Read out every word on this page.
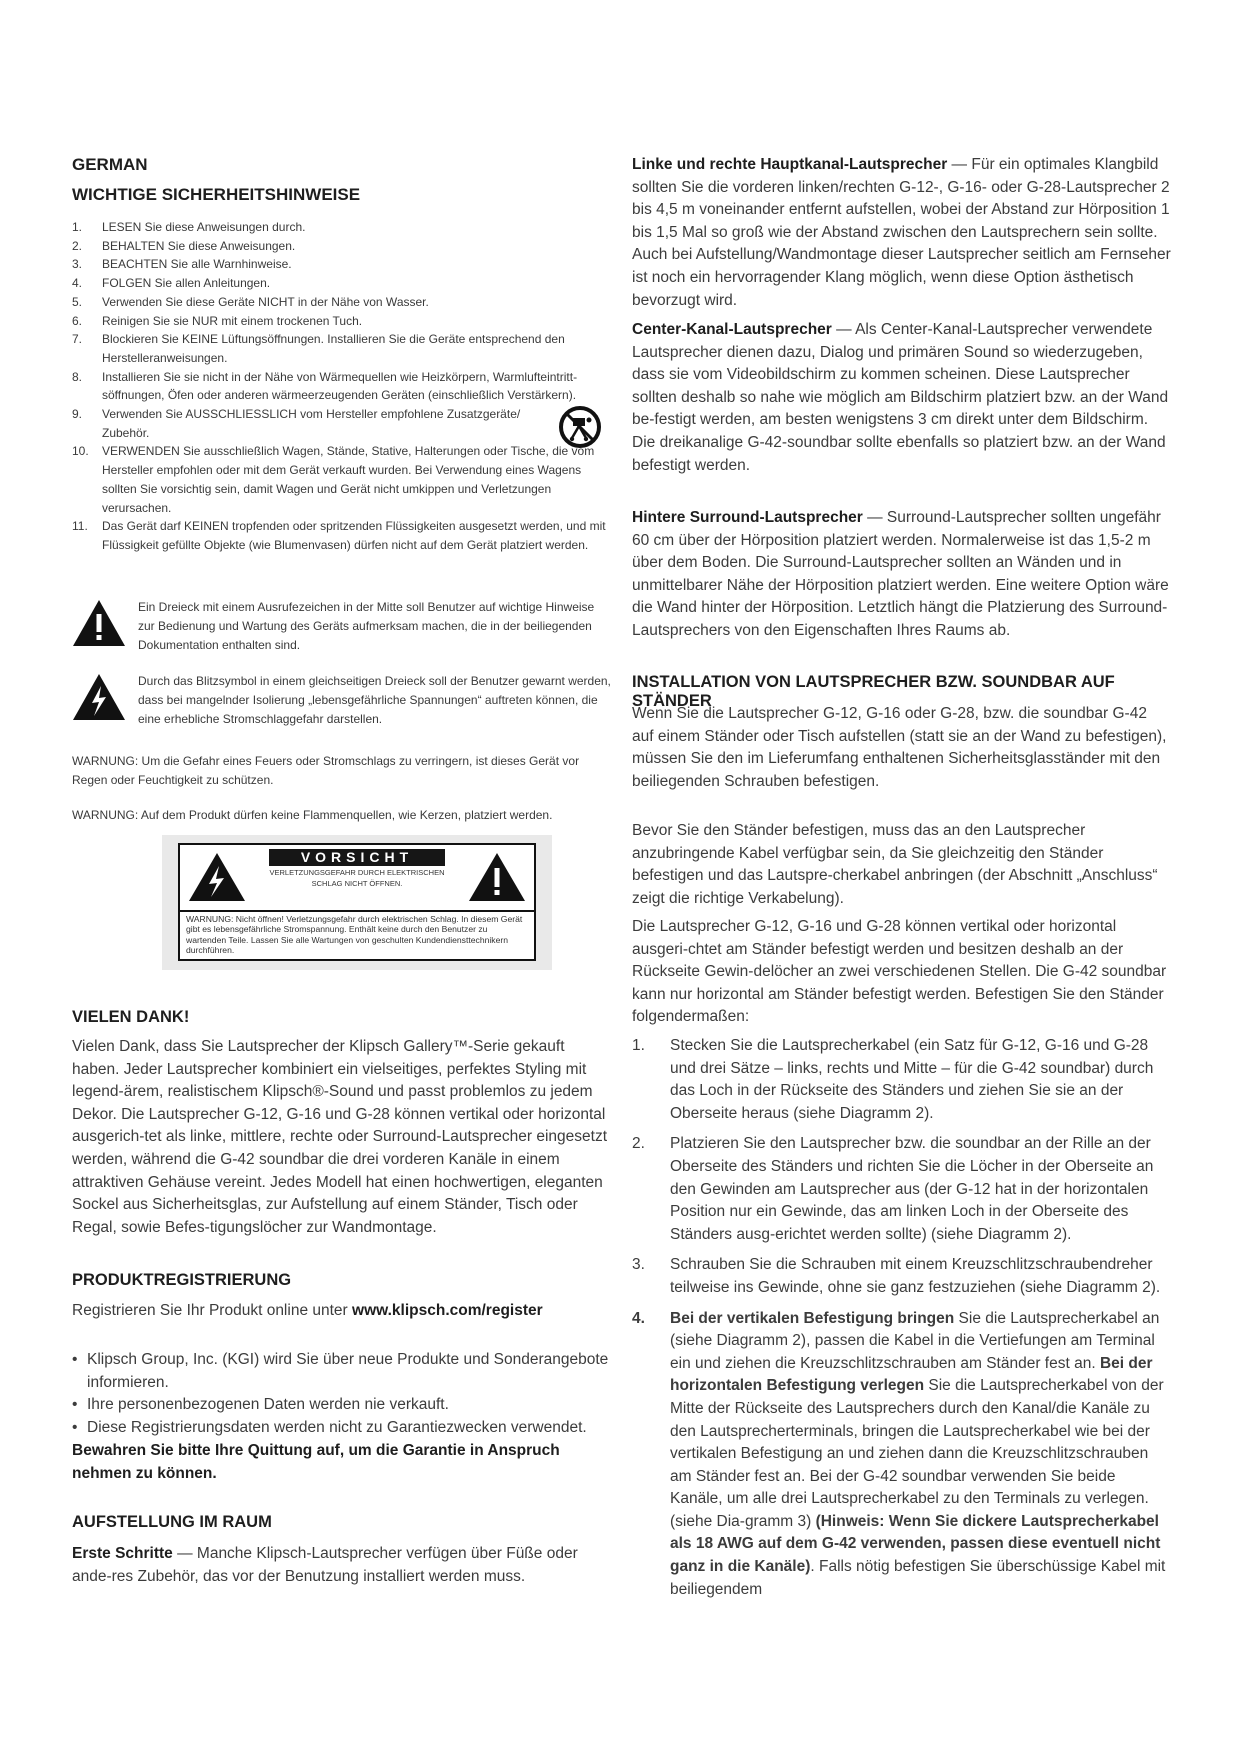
GERMAN
WICHTIGE SICHERHEITSHINWEISE
1. LESEN Sie diese Anweisungen durch.
2. BEHALTEN Sie diese Anweisungen.
3. BEACHTEN Sie alle Warnhinweise.
4. FOLGEN Sie allen Anleitungen.
5. Verwenden Sie diese Geräte NICHT in der Nähe von Wasser.
6. Reinigen Sie sie NUR mit einem trockenen Tuch.
7. Blockieren Sie KEINE Lüftungsöffnungen. Installieren Sie die Geräte entsprechend den Herstelleranweisungen.
8. Installieren Sie sie nicht in der Nähe von Wärmequellen wie Heizkörpern, Warmlufteintritt-söffnungen, Öfen oder anderen wärmeerzeugenden Geräten (einschließlich Verstärkern).
9. Verwenden Sie AUSSCHLIESSLICH vom Hersteller empfohlene Zusatzgeräte/ Zubehör.
10. VERWENDEN Sie ausschließlich Wagen, Stände, Stative, Halterungen oder Tische, die vom Hersteller empfohlen oder mit dem Gerät verkauft wurden. Bei Verwendung eines Wagens sollten Sie vorsichtig sein, damit Wagen und Gerät nicht umkippen und Verletzungen verursachen.
11. Das Gerät darf KEINEN tropfenden oder spritzenden Flüssigkeiten ausgesetzt werden, und mit Flüssigkeit gefüllte Objekte (wie Blumenvasen) dürfen nicht auf dem Gerät platziert werden.
Ein Dreieck mit einem Ausrufezeichen in der Mitte soll Benutzer auf wichtige Hinweise zur Bedienung und Wartung des Geräts aufmerksam machen, die in der beiliegenden Dokumentation enthalten sind.
Durch das Blitzsymbol in einem gleichseitigen Dreieck soll der Benutzer gewarnt werden, dass bei mangelnder Isolierung „lebensgefährliche Spannungen“ auftreten können, die eine erhebliche Stromschlaggefahr darstellen.

WARNUNG: Um die Gefahr eines Feuers oder Stromschlags zu verringern, ist dieses Gerät vor Regen oder Feuchtigkeit zu schützen.

WARNUNG: Auf dem Produkt dürfen keine Flammenquellen, wie Kerzen, platziert werden.

VORSICHT
VERLETZUNGSGEFAHR DURCH ELEKTRISCHEN SCHLAG NICHT ÖFFNEN.
WARNUNG: Nicht öffnen! Verletzungsgefahr durch elektrischen Schlag. In diesem Gerät gibt es lebensgefährliche Stromspannung. Enthält keine durch den Benutzer zu wartenden Teile. Lassen Sie alle Wartungen von geschulten Kundendiensttechnikern durchführen.
VIELEN DANK!

Vielen Dank, dass Sie Lautsprecher der Klipsch Gallery™-Serie gekauft haben. Jeder Lautsprecher kombiniert ein vielseitiges, perfektes Styling mit legend-ärem, realistischem Klipsch®-Sound und passt problemlos zu jedem Dekor. Die Lautsprecher G-12, G-16 und G-28 können vertikal oder horizontal ausgerich-tet als linke, mittlere, rechte oder Surround-Lautsprecher eingesetzt werden, während die G-42 soundbar die drei vorderen Kanäle in einem attraktiven Gehäuse vereint. Jedes Modell hat einen hochwertigen, eleganten Sockel aus Sicherheitsglas, zur Aufstellung auf einem Ständer, Tisch oder Regal, sowie Befes-tigungslöcher zur Wandmontage.

PRODUKTREGISTRIERUNG

Registrieren Sie Ihr Produkt online unter www.klipsch.com/register

• Klipsch Group, Inc. (KGI) wird Sie über neue Produkte und Sonderangebote informieren.
• Ihre personenbezogenen Daten werden nie verkauft.
• Diese Registrierungsdaten werden nicht zu Garantiezwecken verwendet.

Bewahren Sie bitte Ihre Quittung auf, um die Garantie in Anspruch nehmen zu können.

AUFSTELLUNG IM RAUM

Erste Schritte — Manche Klipsch-Lautsprecher verfügen über Füße oder ande-res Zubehör, das vor der Benutzung installiert werden muss.

Linke und rechte Hauptkanal-Lautsprecher — Für ein optimales Klangbild sollten Sie die vorderen linken/rechten G-12-, G-16- oder G-28-Lautsprecher 2 bis 4,5 m voneinander entfernt aufstellen, wobei der Abstand zur Hörposition 1 bis 1,5 Mal so groß wie der Abstand zwischen den Lautsprechern sein sollte. Auch bei Aufstellung/Wandmontage dieser Lautsprecher seitlich am Fernseher ist noch ein hervorragender Klang möglich, wenn diese Option ästhetisch bevorzugt wird.

Center-Kanal-Lautsprecher — Als Center-Kanal-Lautsprecher verwendete Lautsprecher dienen dazu, Dialog und primären Sound so wiederzugeben, dass sie vom Videobildschirm zu kommen scheinen. Diese Lautsprecher sollten deshalb so nahe wie möglich am Bildschirm platziert bzw. an der Wand be-festigt werden, am besten wenigstens 3 cm direkt unter dem Bildschirm. Die dreikanalige G-42-soundbar sollte ebenfalls so platziert bzw. an der Wand befestigt werden.

Hintere Surround-Lautsprecher — Surround-Lautsprecher sollten ungefähr 60 cm über der Hörposition platziert werden. Normalerweise ist das 1,5-2 m über dem Boden. Die Surround-Lautsprecher sollten an Wänden und in unmittelbarer Nähe der Hörposition platziert werden. Eine weitere Option wäre die Wand hinter der Hörposition. Letztlich hängt die Platzierung des Surround-Lautsprechers von den Eigenschaften Ihres Raums ab.

INSTALLATION VON LAUTSPRECHER BZW. SOUNDBAR AUF STÄNDER

Wenn Sie die Lautsprecher G-12, G-16 oder G-28, bzw. die soundbar G-42 auf einem Ständer oder Tisch aufstellen (statt sie an der Wand zu befestigen), müssen Sie den im Lieferumfang enthaltenen Sicherheitsglasständer mit den beiliegenden Schrauben befestigen.

Bevor Sie den Ständer befestigen, muss das an den Lautsprecher anzubringende Kabel verfügbar sein, da Sie gleichzeitig den Ständer befestigen und das Lautspre-cherkabel anbringen (der Abschnitt „Anschluss“ zeigt die richtige Verkabelung).

Die Lautsprecher G-12, G-16 und G-28 können vertikal oder horizontal ausgeri-chtet am Ständer befestigt werden und besitzen deshalb an der Rückseite Gewin-delöcher an zwei verschiedenen Stellen. Die G-42 soundbar kann nur horizontal am Ständer befestigt werden. Befestigen Sie den Ständer folgendermaßen:

1. Stecken Sie die Lautsprecherkabel (ein Satz für G-12, G-16 und G-28 und drei Sätze – links, rechts und Mitte – für die G-42 soundbar) durch das Loch in der Rückseite des Ständers und ziehen Sie sie an der Oberseite heraus (siehe Diagramm 2).
2. Platzieren Sie den Lautsprecher bzw. die soundbar an der Rille an der Oberseite des Ständers und richten Sie die Löcher in der Oberseite an den Gewinden am Lautsprecher aus (der G-12 hat in der horizontalen Position nur ein Gewinde, das am linken Loch in der Oberseite des Ständers ausg-erichtet werden sollte) (siehe Diagramm 2).
3. Schrauben Sie die Schrauben mit einem Kreuzschlitzschraubendreher teilweise ins Gewinde, ohne sie ganz festzuziehen (siehe Diagramm 2).
4. Bei der vertikalen Befestigung bringen Sie die Lautsprecherkabel an (siehe Diagramm 2), passen die Kabel in die Vertiefungen am Terminal ein und ziehen die Kreuzschlitzschrauben am Ständer fest an. Bei der horizontalen Befestigung verlegen Sie die Lautsprecherkabel von der Mitte der Rückseite des Lautsprechers durch den Kanal/die Kanäle zu den Lautsprecherterminals, bringen die Lautsprecherkabel wie bei der vertikalen Befestigung an und ziehen dann die Kreuzschlitzschrauben am Ständer fest an. Bei der G-42 soundbar verwenden Sie beide Kanäle, um alle drei Lautsprecherkabel zu den Terminals zu verlegen. (siehe Dia-gramm 3) (Hinweis: Wenn Sie dickere Lautsprecherkabel als 18 AWG auf dem G-42 verwenden, passen diese eventuell nicht ganz in die Kanäle). Falls nötig befestigen Sie überschüssige Kabel mit beiliegendem
